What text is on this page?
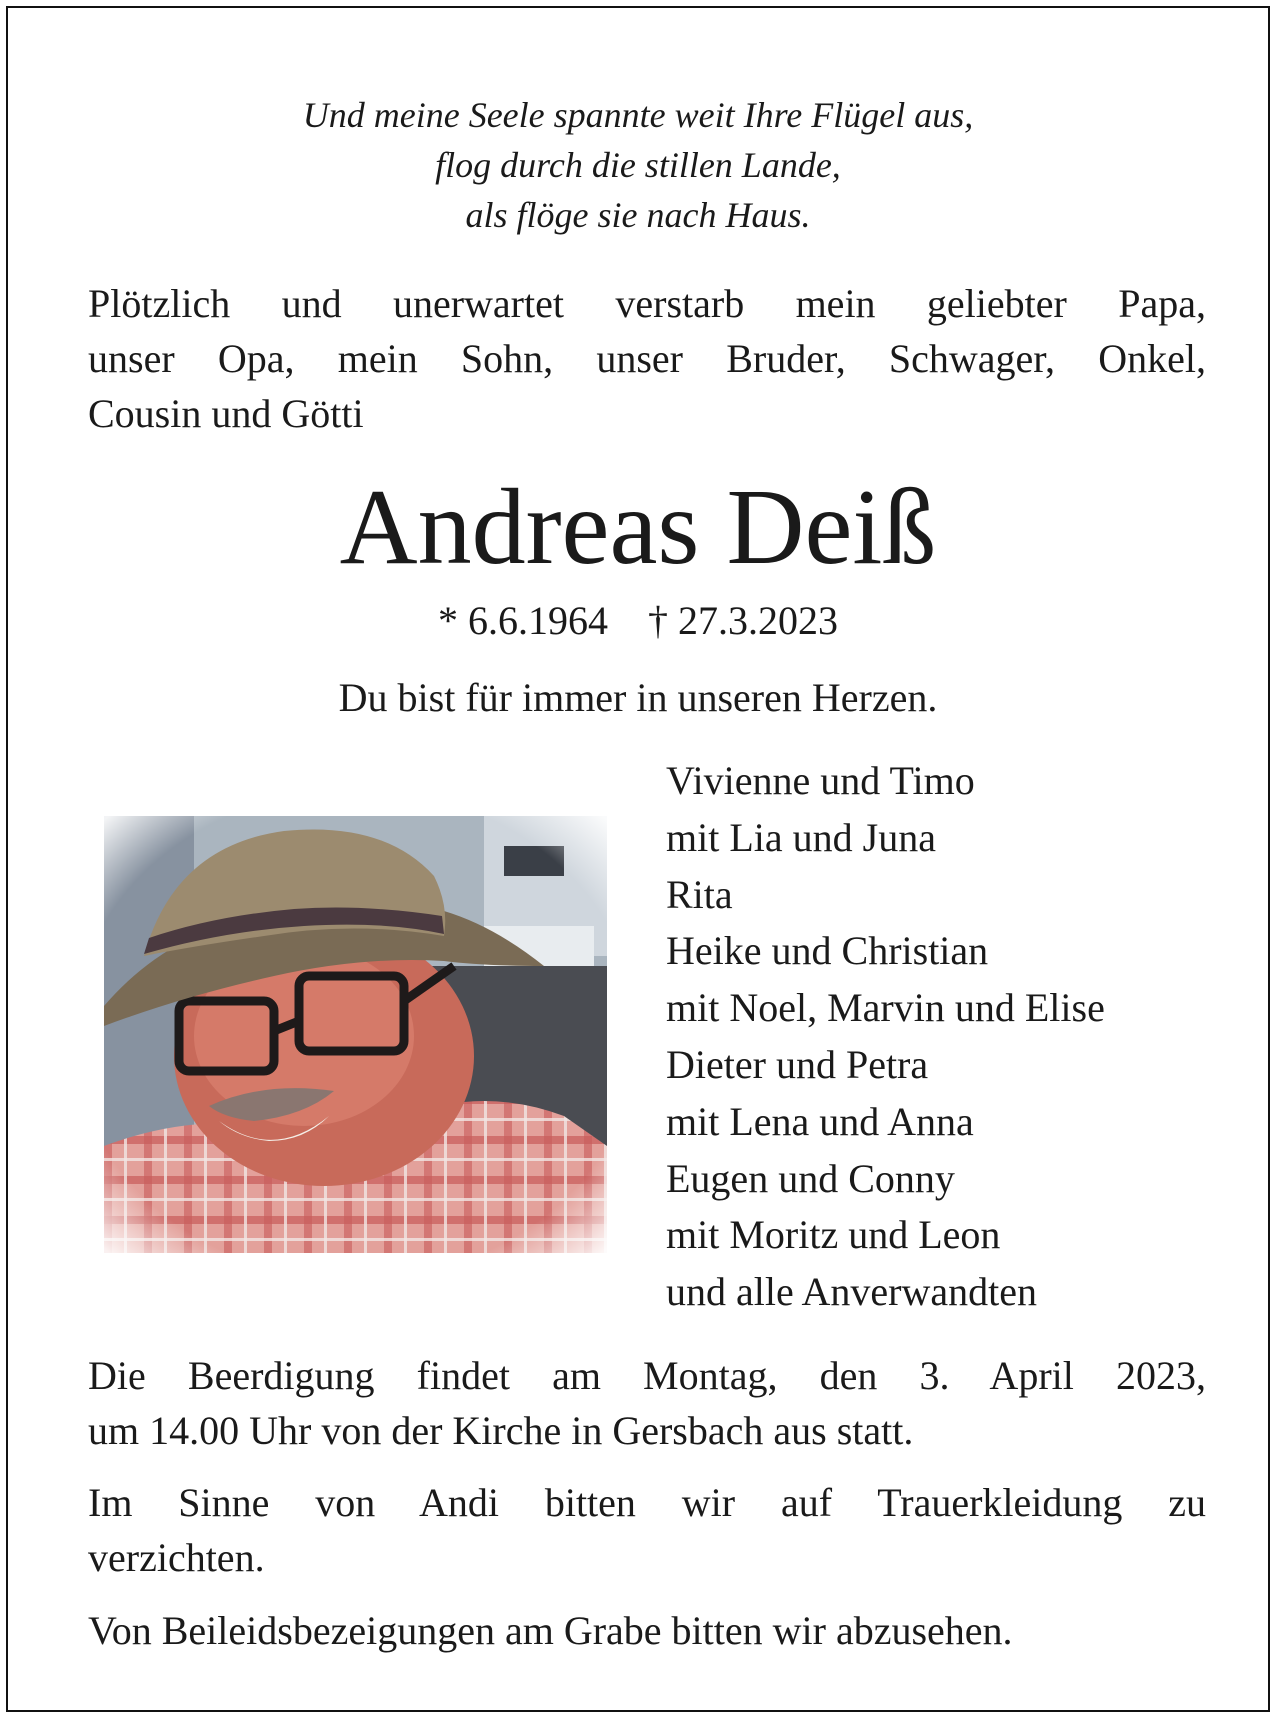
Und meine Seele spannte weit Ihre Flügel aus,
flog durch die stillen Lande,
als flöge sie nach Haus.
Plötzlich und unerwartet verstarb mein geliebter Papa,
unser Opa, mein Sohn, unser Bruder, Schwager, Onkel,
Cousin und Götti
Andreas Deiß
* 6.6.1964 † 27.3.2023
Du bist für immer in unseren Herzen.
Vivienne und Timo
mit Lia und Juna
Rita
Heike und Christian
mit Noel, Marvin und Elise
Dieter und Petra
mit Lena und Anna
Eugen und Conny
mit Moritz und Leon
und alle Anverwandten
Die Beerdigung findet am Montag, den 3. April 2023,
um 14.00 Uhr von der Kirche in Gersbach aus statt.
Im Sinne von Andi bitten wir auf Trauerkleidung zu
verzichten.
Von Beileidsbezeigungen am Grabe bitten wir abzusehen.
